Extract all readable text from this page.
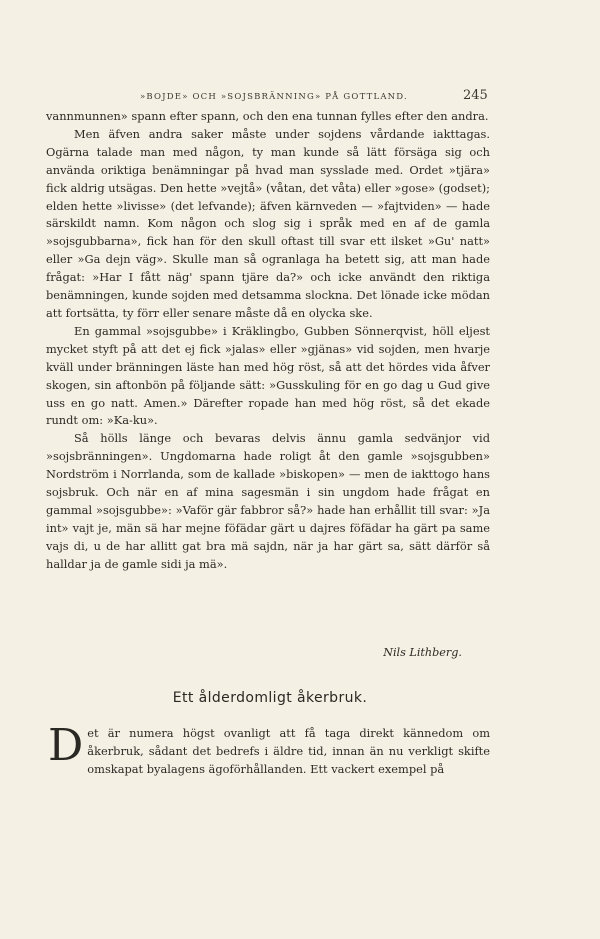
»BOJDE» OCH »SOJSBRÄNNING» PÅ GOTTLAND.	245

vannmunnen» spann efter spann, och den ena tunnan fylles efter den andra.

Men äfven andra saker måste under sojdens vårdande iakttagas. Ogärna talade man med någon, ty man kunde så lätt försäga sig och använda oriktiga benämningar på hvad man sysslade med. Ordet »tjära» fick aldrig utsägas. Den hette »vejtå» (våtan, det våta) eller »gose» (godset); elden hette »livisse» (det lefvande); äfven kärnveden — »fajtviden» — hade särskildt namn. Kom någon och slog sig i språk med en af de gamla »sojsgubbarna», fick han för den skull oftast till svar ett ilsket »Gu' natt» eller »Ga dejn väg». Skulle man så ogranlaga ha betett sig, att man hade frågat: »Har I fått näg' spann tjäre da?» och icke användt den riktiga benämningen, kunde sojden med detsamma slockna. Det lönade icke mödan att fortsätta, ty förr eller senare måste då en olycka ske.

En gammal »sojsgubbe» i Kräklingbo, Gubben Sönnerqvist, höll eljest mycket styft på att det ej fick »jalas» eller »gjänas» vid sojden, men hvarje kväll under bränningen läste han med hög röst, så att det hördes vida åfver skogen, sin aftonbön på följande sätt: »Gusskuling för en go dag u Gud give uss en go natt. Amen.» Därefter ropade han med hög röst, så det ekade rundt om: »Ka-ku».

Så hölls länge och bevaras delvis ännu gamla sedvänjor vid »sojsbränningen». Ungdomarna hade roligt åt den gamle »sojsgubben» Nordström i Norrlanda, som de kallade »biskopen» — men de iakttogo hans sojsbruk. Och när en af mina sagesmän i sin ungdom hade frågat en gammal »sojsgubbe»: »Vaför gär fabbror så?» hade han erhållit till svar: »Ja int» vajt je, män sä har mejne föfädar gärt u dajres föfädar ha gärt pa same vajs di, u de har allitt gat bra mä sajdn, när ja har gärt sa, sätt därför så halldar ja de gamle sidi ja mä».

Nils Lithberg.
Ett ålderdomligt åkerbruk.

Det är numera högst ovanligt att få taga direkt kännedom om åkerbruk, sådant det bedrefs i äldre tid, innan än nu verkligt skifte omskapat byalagens ägoförhållanden. Ett vackert exempel på
